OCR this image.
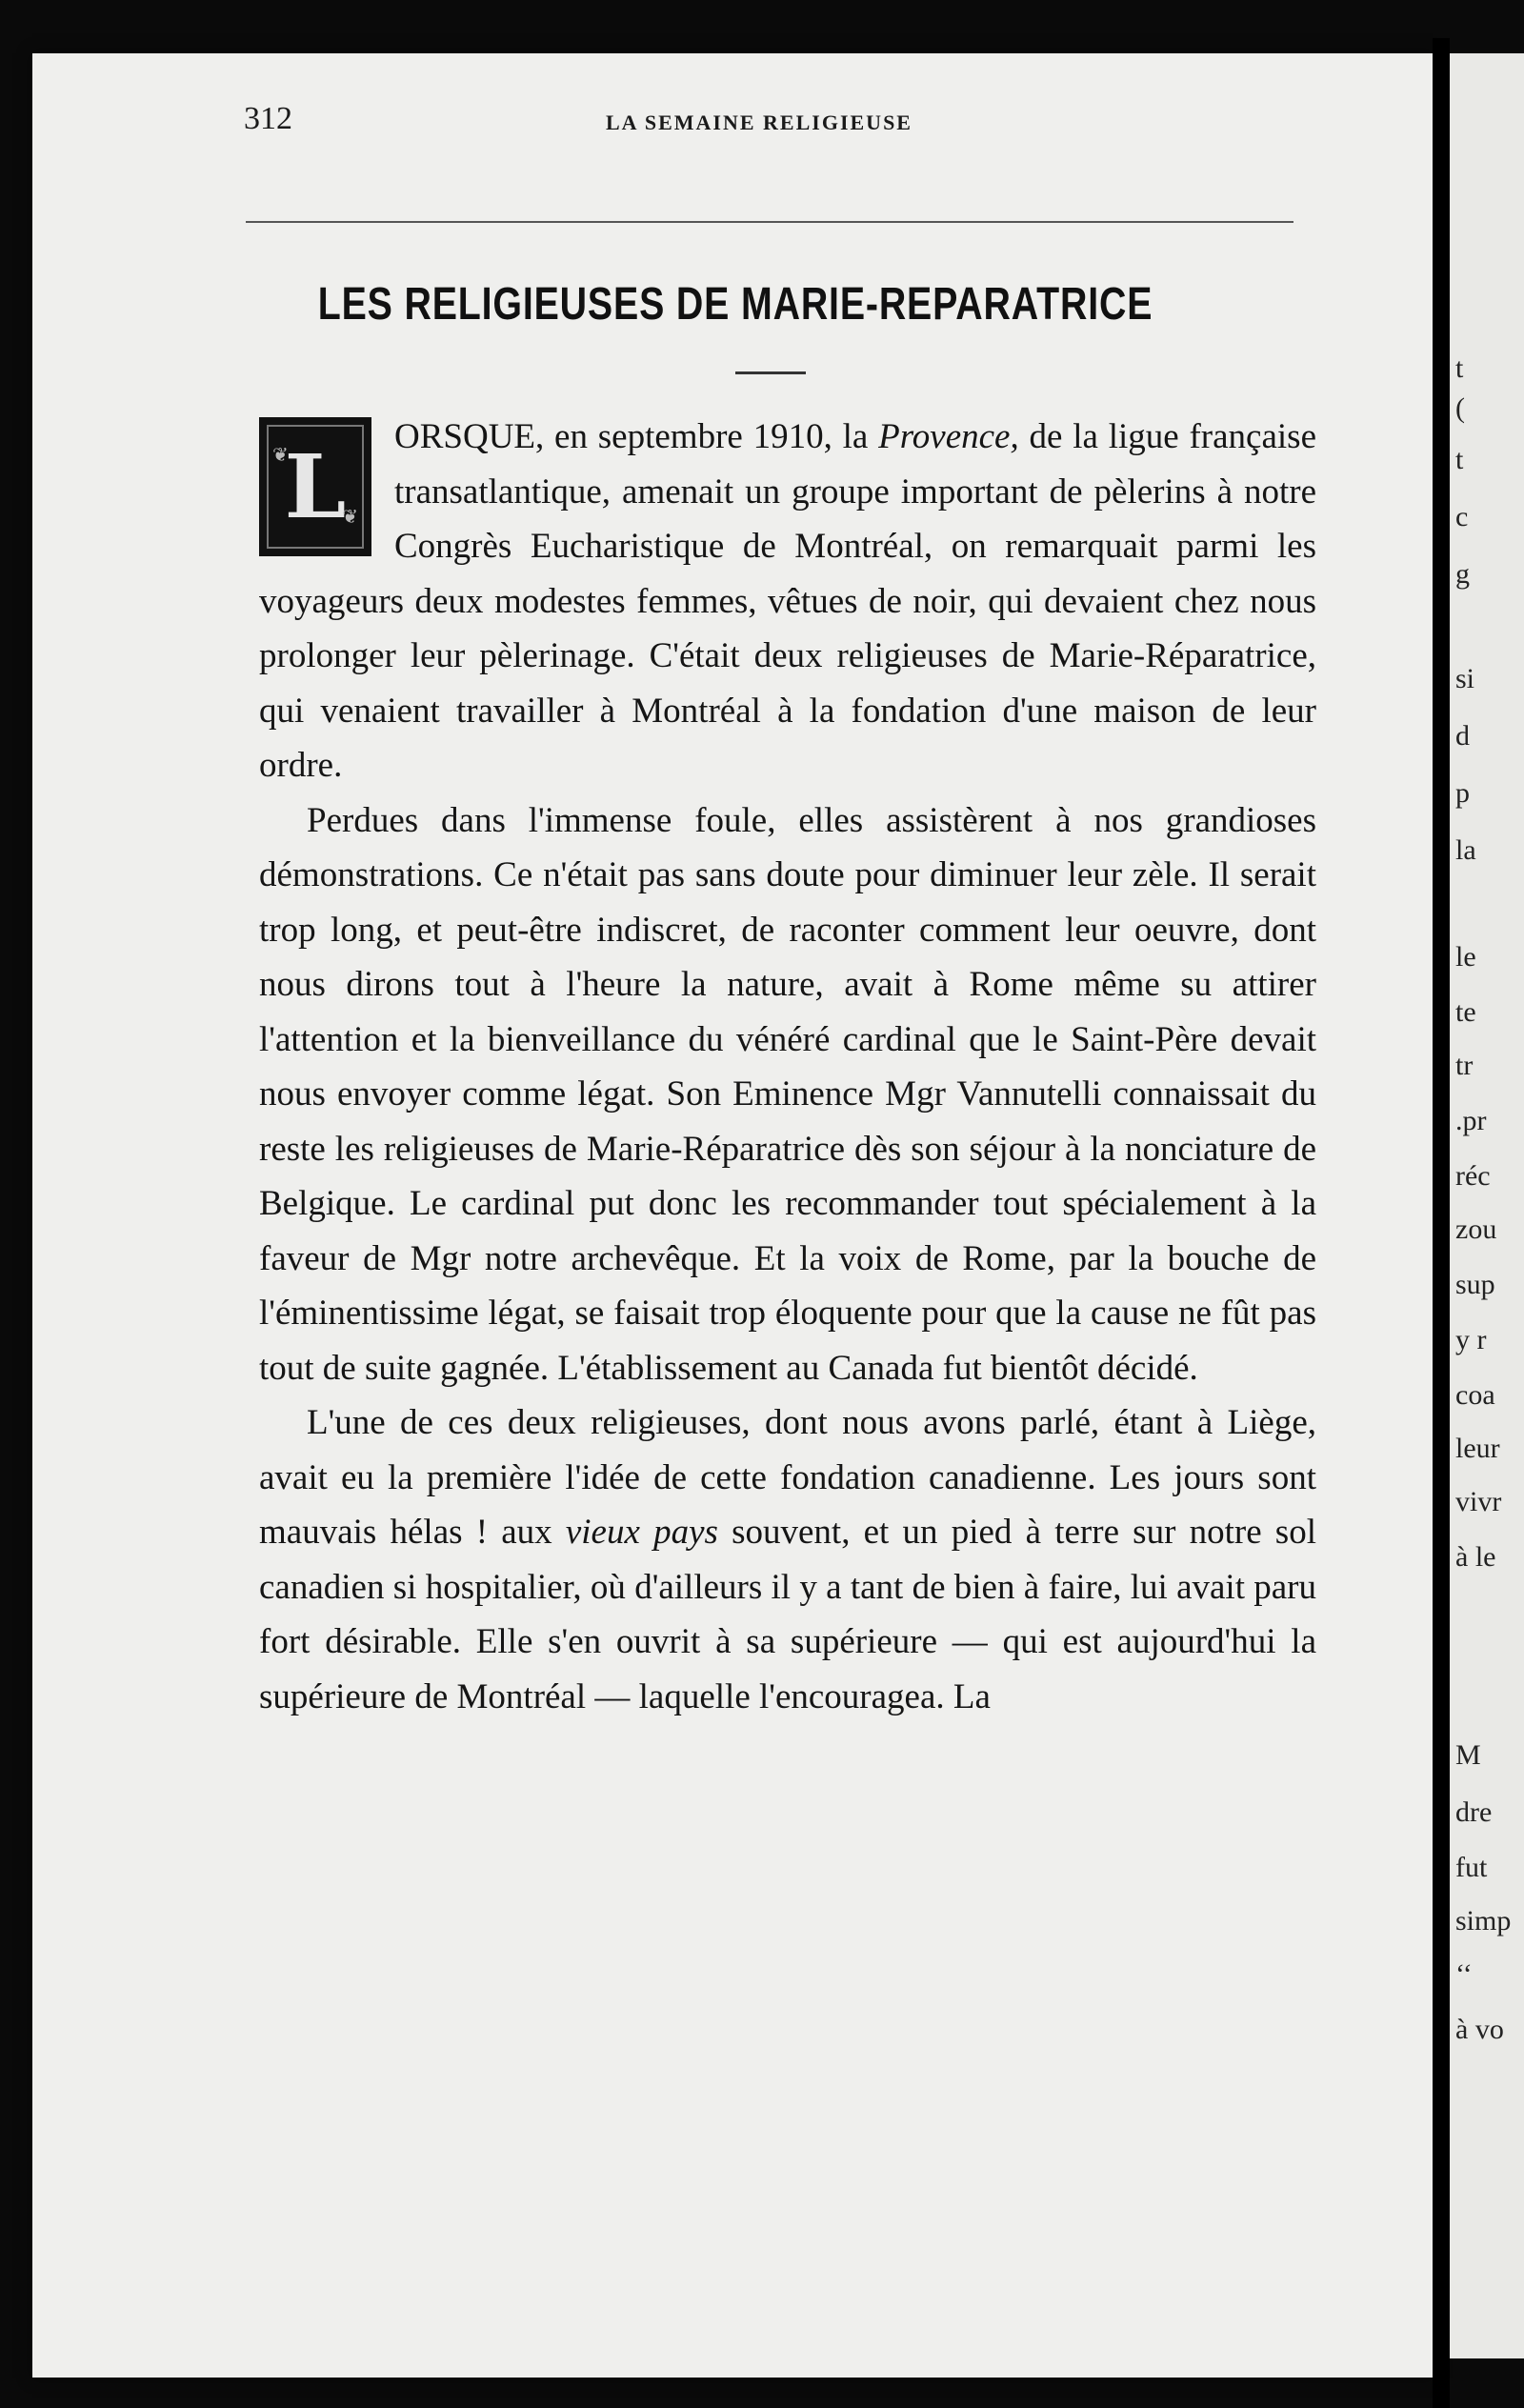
312	LA SEMAINE RELIGIEUSE
LES RELIGIEUSES DE MARIE-REPARATRICE

❦
❦
L ORSQUE, en septembre 1910, la Provence, de la ligue française transatlantique, amenait un groupe important de pèlerins à notre Congrès Eucharistique de Montréal, on remarquait parmi les voyageurs deux modestes femmes, vêtues de noir, qui devaient chez nous prolonger leur pèlerinage. C'était deux religieuses de Marie-Réparatrice, qui venaient travailler à Montréal à la fondation d'une maison de leur ordre.

Perdues dans l'immense foule, elles assistèrent à nos grandioses démonstrations. Ce n'était pas sans doute pour diminuer leur zèle. Il serait trop long, et peut-être indiscret, de raconter comment leur oeuvre, dont nous dirons tout à l'heure la nature, avait à Rome même su attirer l'attention et la bienveillance du vénéré cardinal que le Saint-Père devait nous envoyer comme légat. Son Eminence Mgr Vannutelli connaissait du reste les religieuses de Marie-Réparatrice dès son séjour à la nonciature de Belgique. Le cardinal put donc les recommander tout spécialement à la faveur de Mgr notre archevêque. Et la voix de Rome, par la bouche de l'éminentissime légat, se faisait trop éloquente pour que la cause ne fût pas tout de suite gagnée. L'établissement au Canada fut bientôt décidé.

L'une de ces deux religieuses, dont nous avons parlé, étant à Liège, avait eu la première l'idée de cette fondation canadienne. Les jours sont mauvais hélas ! aux vieux pays souvent, et un pied à terre sur notre sol canadien si hospitalier, où d'ailleurs il y a tant de bien à faire, lui avait paru fort désirable. Elle s'en ouvrit à sa supérieure — qui est aujourd'hui la supérieure de Montréal — laquelle l'encouragea. La

t
(
t
c
g
si
d
p
la
le
te
tr
.pr
réc
zou
sup
y r
coa
leur
vivr
à le
M
dre
fut
simp
‘‘
à vo
